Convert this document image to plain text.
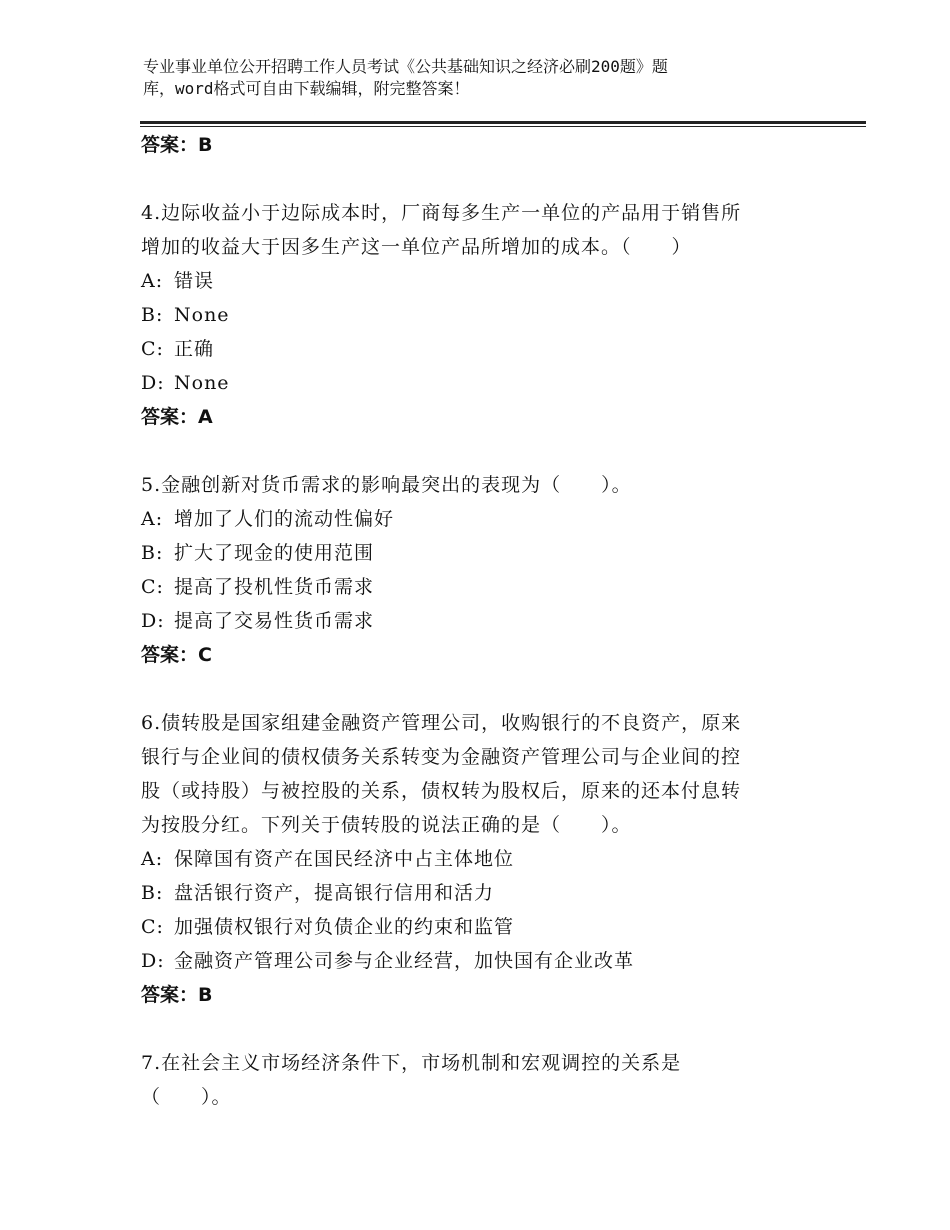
专业事业单位公开招聘工作人员考试《公共基础知识之经济必刷200题》题
库，word格式可自由下载编辑，附完整答案！
答案：B
4.边际收益小于边际成本时，厂商每多生产一单位的产品用于销售所
增加的收益大于因多生产这一单位产品所增加的成本。（　　）
A: 错误
B: None
C: 正确
D: None
答案：A
5.金融创新对货币需求的影响最突出的表现为（　　）。
A: 增加了人们的流动性偏好
B: 扩大了现金的使用范围
C: 提高了投机性货币需求
D: 提高了交易性货币需求
答案：C
6.债转股是国家组建金融资产管理公司，收购银行的不良资产，原来
银行与企业间的债权债务关系转变为金融资产管理公司与企业间的控
股（或持股）与被控股的关系，债权转为股权后，原来的还本付息转
为按股分红。下列关于债转股的说法正确的是（　　）。
A: 保障国有资产在国民经济中占主体地位
B: 盘活银行资产，提高银行信用和活力
C: 加强债权银行对负债企业的约束和监管
D: 金融资产管理公司参与企业经营，加快国有企业改革
答案：B
7.在社会主义市场经济条件下，市场机制和宏观调控的关系是
（　　）。
